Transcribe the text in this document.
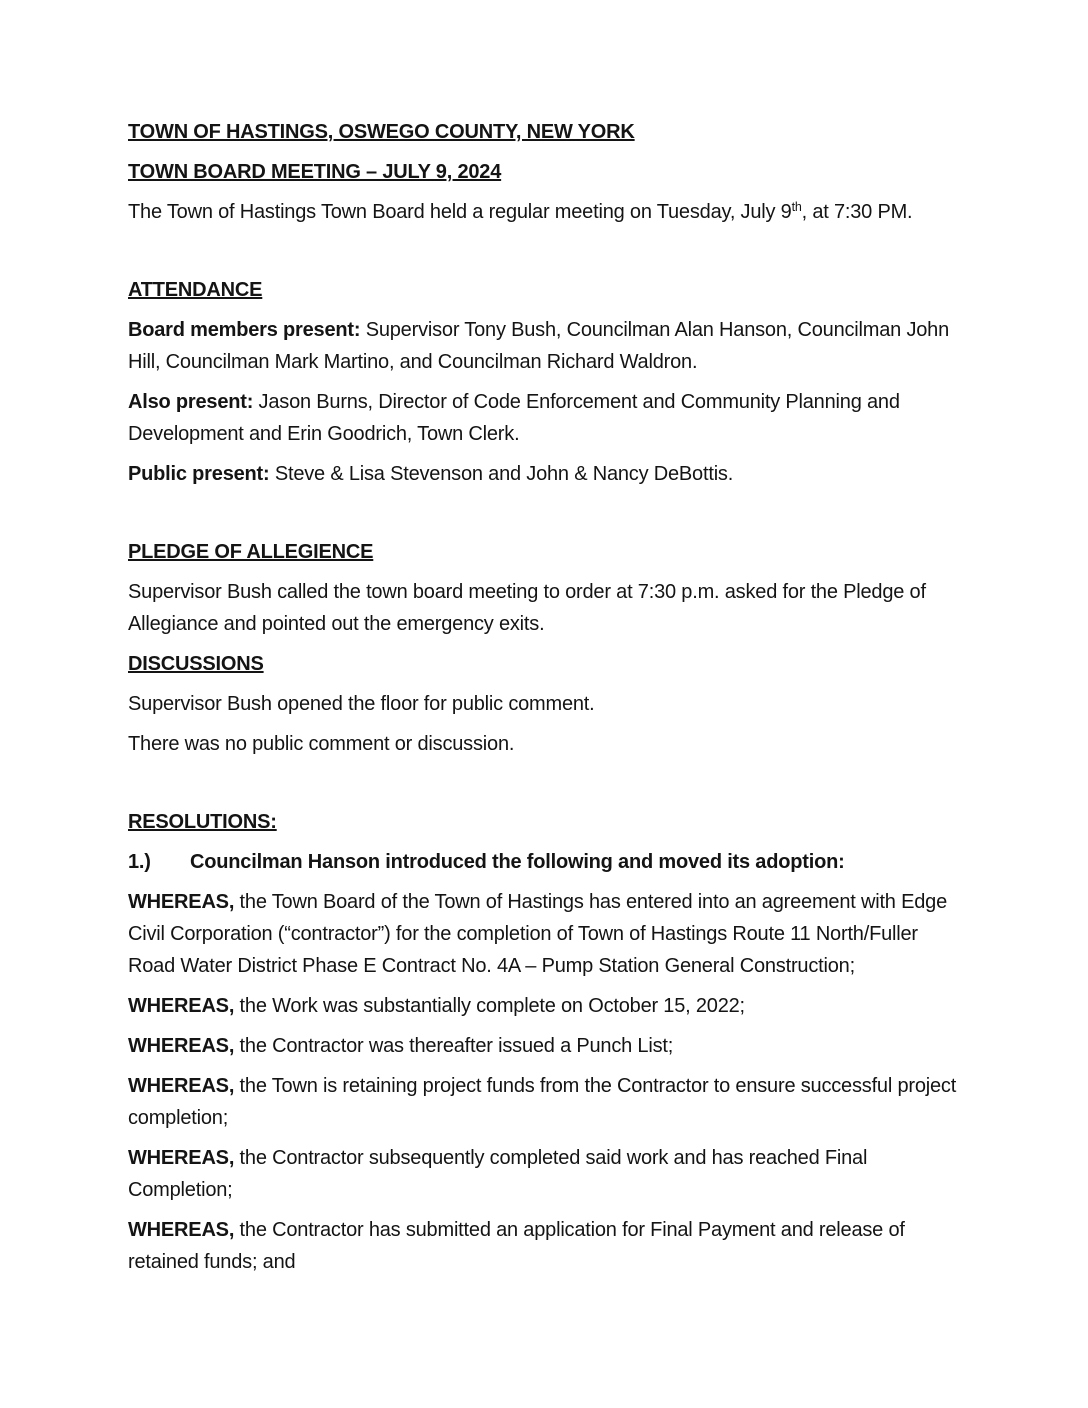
TOWN OF HASTINGS, OSWEGO COUNTY, NEW YORK

TOWN BOARD MEETING – JULY 9, 2024

The Town of Hastings Town Board held a regular meeting on Tuesday, July 9th, at 7:30 PM.

ATTENDANCE

Board members present: Supervisor Tony Bush, Councilman Alan Hanson, Councilman John Hill, Councilman Mark Martino, and Councilman Richard Waldron.

Also present: Jason Burns, Director of Code Enforcement and Community Planning and Development and Erin Goodrich, Town Clerk.

Public present: Steve & Lisa Stevenson and John & Nancy DeBottis.

PLEDGE OF ALLEGIENCE

Supervisor Bush called the town board meeting to order at 7:30 p.m. asked for the Pledge of Allegiance and pointed out the emergency exits.

DISCUSSIONS

Supervisor Bush opened the floor for public comment.

There was no public comment or discussion.

RESOLUTIONS:

1.)	Councilman Hanson introduced the following and moved its adoption:

WHEREAS, the Town Board of the Town of Hastings has entered into an agreement with Edge Civil Corporation (“contractor”) for the completion of Town of Hastings Route 11 North/Fuller Road Water District Phase E Contract No. 4A – Pump Station General Construction;

WHEREAS, the Work was substantially complete on October 15, 2022;

WHEREAS, the Contractor was thereafter issued a Punch List;

WHEREAS, the Town is retaining project funds from the Contractor to ensure successful project completion;

WHEREAS, the Contractor subsequently completed said work and has reached Final Completion;

WHEREAS, the Contractor has submitted an application for Final Payment and release of retained funds; and
